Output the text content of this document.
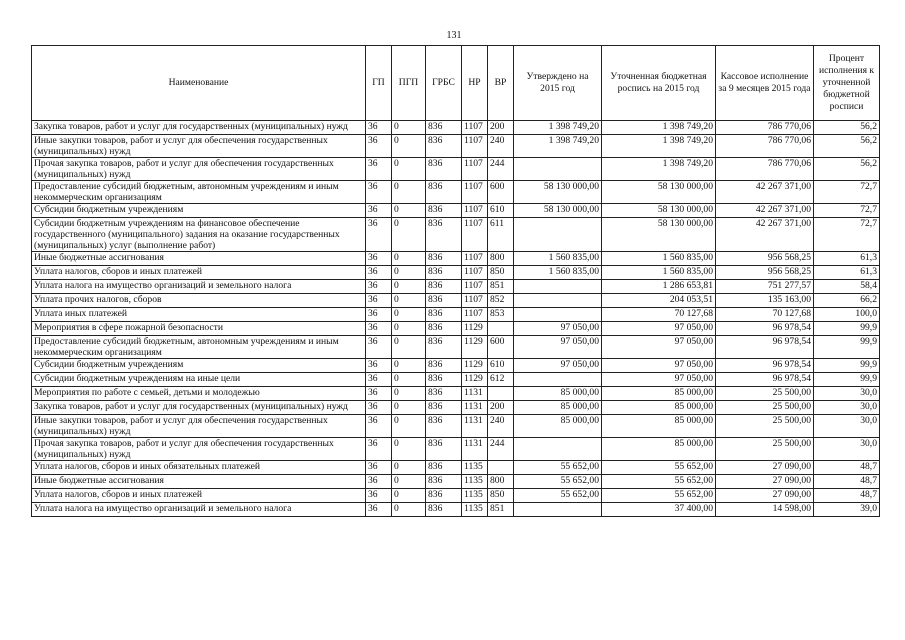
131
Наименование	ГП	ПГП	ГРБС	НР	ВР	Утверждено на 2015 год	Уточненная бюджетная роспись на 2015 год	Кассовое исполнение за 9 месяцев 2015 года	Процент исполнения к уточненной бюджетной росписи
Закупка товаров, работ и услуг для государственных (муниципальных) нужд	36	0	836	1107	200	1 398 749,20	1 398 749,20	786 770,06	56,2
Иные закупки товаров, работ и услуг для обеспечения государственных (муниципальных) нужд	36	0	836	1107	240	1 398 749,20	1 398 749,20	786 770,06	56,2
Прочая закупка товаров, работ и услуг для обеспечения государственных (муниципальных) нужд	36	0	836	1107	244		1 398 749,20	786 770,06	56,2
Предоставление субсидий бюджетным, автономным учреждениям и иным некоммерческим организациям	36	0	836	1107	600	58 130 000,00	58 130 000,00	42 267 371,00	72,7
Субсидии бюджетным учреждениям	36	0	836	1107	610	58 130 000,00	58 130 000,00	42 267 371,00	72,7
Субсидии бюджетным учреждениям на финансовое обеспечение государственного (муниципального) задания на оказание государственных (муниципальных) услуг (выполнение работ)	36	0	836	1107	611		58 130 000,00	42 267 371,00	72,7
Иные бюджетные ассигнования	36	0	836	1107	800	1 560 835,00	1 560 835,00	956 568,25	61,3
Уплата налогов, сборов и иных платежей	36	0	836	1107	850	1 560 835,00	1 560 835,00	956 568,25	61,3
Уплата налога на имущество организаций и земельного налога	36	0	836	1107	851		1 286 653,81	751 277,57	58,4
Уплата прочих налогов, сборов	36	0	836	1107	852		204 053,51	135 163,00	66,2
Уплата иных платежей	36	0	836	1107	853		70 127,68	70 127,68	100,0
Мероприятия в сфере пожарной безопасности	36	0	836	1129		97 050,00	97 050,00	96 978,54	99,9
Предоставление субсидий бюджетным, автономным учреждениям и иным некоммерческим организациям	36	0	836	1129	600	97 050,00	97 050,00	96 978,54	99,9
Субсидии бюджетным учреждениям	36	0	836	1129	610	97 050,00	97 050,00	96 978,54	99,9
Субсидии бюджетным учреждениям на иные цели	36	0	836	1129	612		97 050,00	96 978,54	99,9
Мероприятия по работе с семьей, детьми и молодежью	36	0	836	1131		85 000,00	85 000,00	25 500,00	30,0
Закупка товаров, работ и услуг для государственных (муниципальных) нужд	36	0	836	1131	200	85 000,00	85 000,00	25 500,00	30,0
Иные закупки товаров, работ и услуг для обеспечения государственных (муниципальных) нужд	36	0	836	1131	240	85 000,00	85 000,00	25 500,00	30,0
Прочая закупка товаров, работ и услуг для обеспечения государственных (муниципальных) нужд	36	0	836	1131	244		85 000,00	25 500,00	30,0
Уплата налогов, сборов и иных обязательных платежей	36	0	836	1135		55 652,00	55 652,00	27 090,00	48,7
Иные бюджетные ассигнования	36	0	836	1135	800	55 652,00	55 652,00	27 090,00	48,7
Уплата налогов, сборов и иных платежей	36	0	836	1135	850	55 652,00	55 652,00	27 090,00	48,7
Уплата налога на имущество организаций и земельного налога	36	0	836	1135	851		37 400,00	14 598,00	39,0
